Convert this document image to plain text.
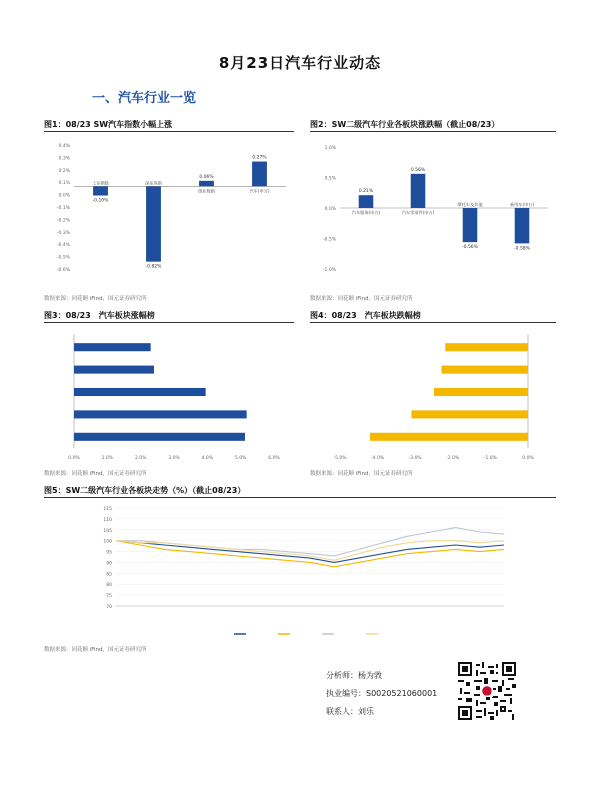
8月23日汽车行业动态
一、汽车行业一览
图1：08/23 SW汽车指数小幅上涨
0.4%
0.3%
0.2%
0.1%
0.0%
-0.1%
-0.2%
-0.3%
-0.4%
-0.5%
-0.6%
-0.10%
上证指数
-0.82%
深证成指
0.06%
创业板指
0.27%
汽车(申万)
数据来源：同花顺 iFind，国元证券研究所
图2：SW二级汽车行业各板块涨跌幅（截止08/23）
1.0%
0.5%
0.0%
-0.5%
-1.0%
0.21%
汽车服务(申万)
0.56%
汽车零部件(申万)
-0.56%
摩托车及其他
-0.58%
乘用车(申万)
数据来源：同花顺 iFind，国元证券研究所
图3：08/23　汽车板块涨幅榜
0.0%	1.0%	2.0%	3.0%	4.0%	5.0%	6.0%
数据来源：同花顺 iFind，国元证券研究所
图4：08/23　汽车板块跌幅榜
-5.0%	-4.0%	-3.0%	-2.0%	-1.0%	0.0%
数据来源：同花顺 iFind，国元证券研究所
图5：SW二级汽车行业各板块走势（%）（截止08/23）
115
110
105
100
95
90
85
80
75
70
数据来源：同花顺 iFind，国元证券研究所
分析师：杨为敩
执业编号：S0020521060001
联系人：刘乐
